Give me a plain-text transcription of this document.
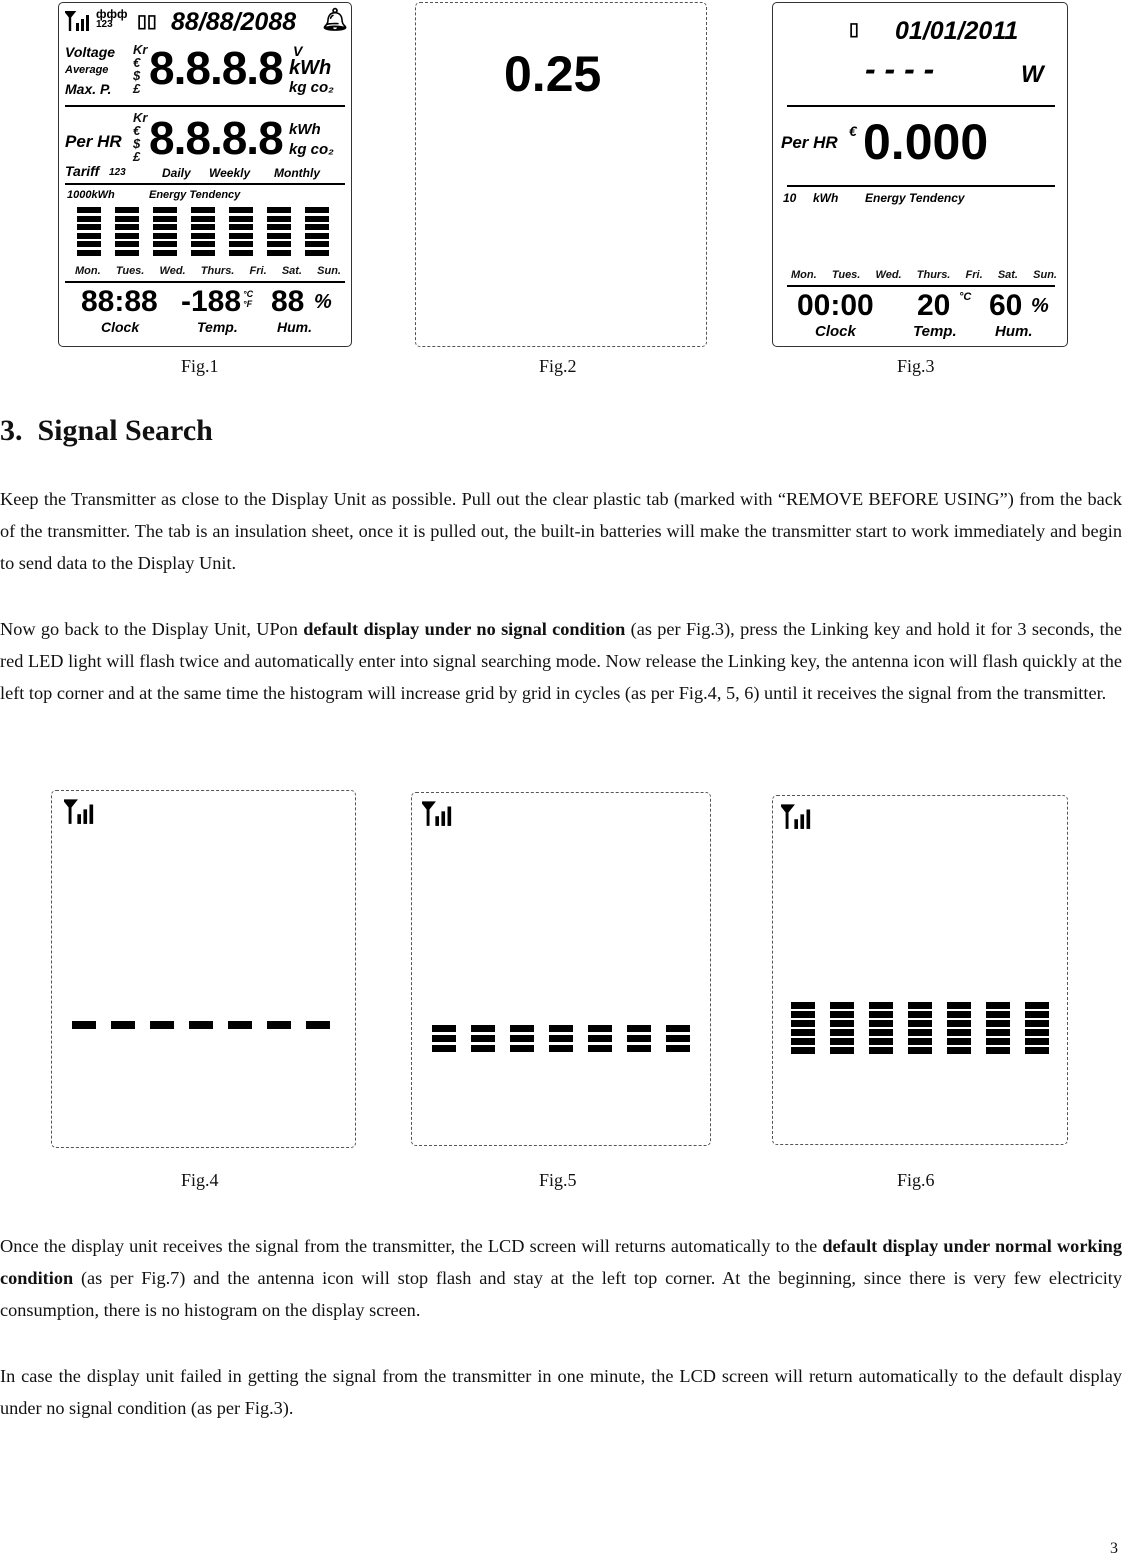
123
ффф ▯▯ 88/88/2088 🔔︎
Voltage
Average
Max. P.
Kr
€
$
£ 8.8.8.8 V
kWh
kg co₂
Per HR
Kr
€
$
£ 8.8.8.8 kWh
kg co₂
Tariff 123	Daily Weekly Monthly
1000kWh	Energy Tendency
Mon. Tues. Wed. Thurs. Fri. Sat. Sun.
88:88 -188 °C °F 88 %
Clock	Temp.	Hum.
Fig.1
0.25
Fig.2
▯ 01/01/2011
- - - -	W
Per HR
€ 0.000
10 kWh Energy Tendency
Mon. Tues. Wed. Thurs. Fri. Sat. Sun.
00:00 20 °C 60 %
Clock	Temp.	Hum.
Fig.3
3.  Signal Search

Keep the Transmitter as close to the Display Unit as possible. Pull out the clear plastic tab (marked with “REMOVE BEFORE USING”) from the back of the transmitter. The tab is an insulation sheet, once it is pulled out, the built-in batteries will make the transmitter start to work immediately and begin to send data to the Display Unit.

Now go back to the Display Unit, UPon default display under no signal condition (as per Fig.3), press the Linking key and hold it for 3 seconds, the red LED light will flash twice and automatically enter into signal searching mode. Now release the Linking key, the antenna icon will flash quickly at the left top corner and at the same time the histogram will increase grid by grid in cycles (as per Fig.4, 5, 6) until it receives the signal from the transmitter.

Fig.4	Fig.5	Fig.6

Once the display unit receives the signal from the transmitter, the LCD screen will returns automatically to the default display under normal working condition (as per Fig.7) and the antenna icon will stop flash and stay at the left top corner. At the beginning, since there is very few electricity consumption, there is no histogram on the display screen.

In case the display unit failed in getting the signal from the transmitter in one minute, the LCD screen will return automatically to the default display under no signal condition (as per Fig.3).

3
